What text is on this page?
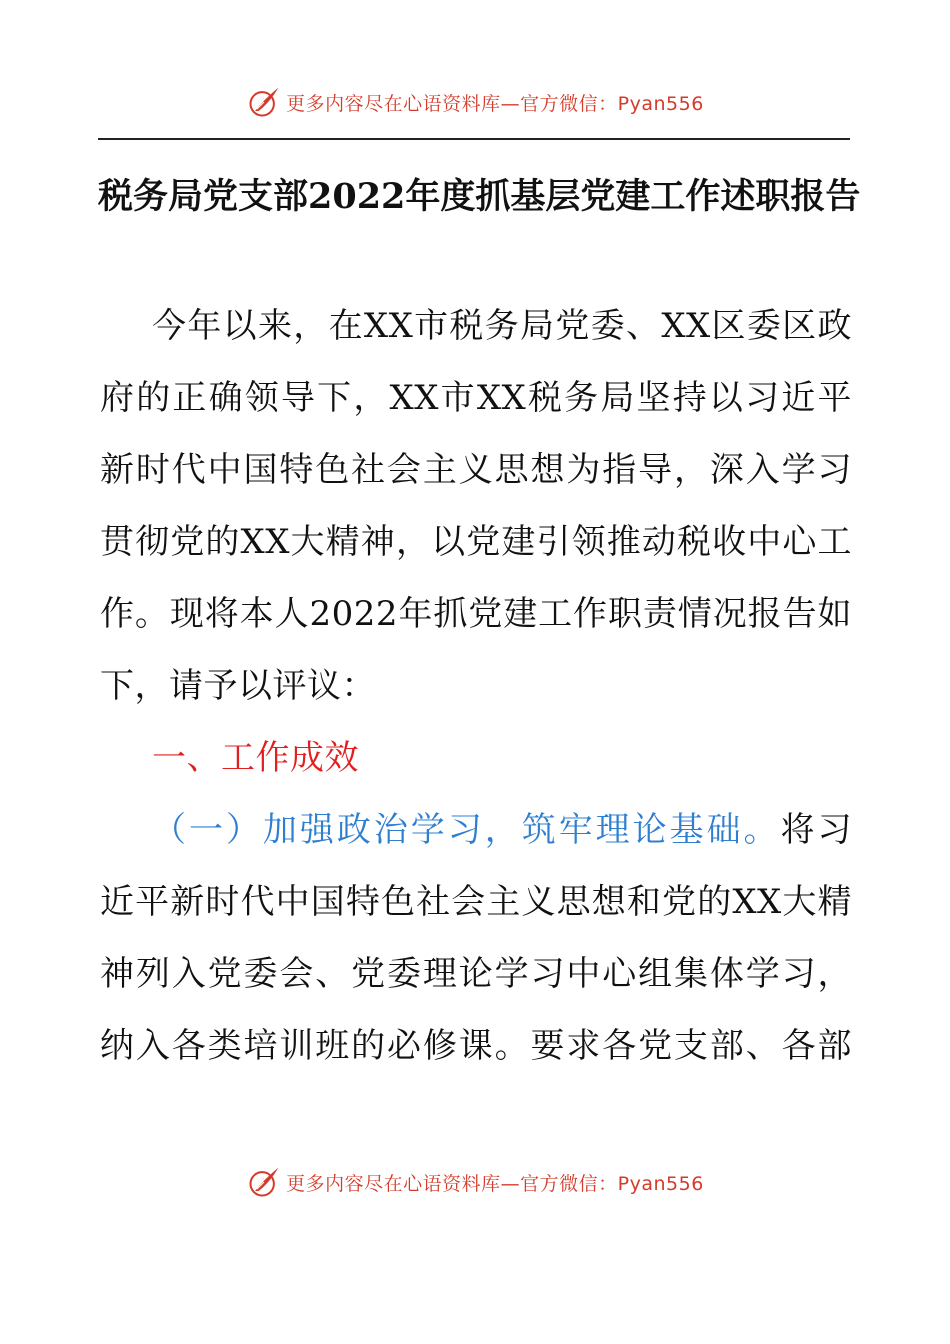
更多内容尽在心语资料库—官方微信：Pyan556
税务局党支部2022年度抓基层党建工作述职报告
今年以来，在XX市税务局党委、XX区委区政
府的正确领导下，XX市XX税务局坚持以习近平
新时代中国特色社会主义思想为指导，深入学习
贯彻党的XX大精神，以党建引领推动税收中心工
作。现将本人2022年抓党建工作职责情况报告如
下，请予以评议：
一、工作成效
（一）加强政治学习，筑牢理论基础。将习
近平新时代中国特色社会主义思想和党的XX大精
神列入党委会、党委理论学习中心组集体学习，
纳入各类培训班的必修课。要求各党支部、各部
更多内容尽在心语资料库—官方微信：Pyan556
